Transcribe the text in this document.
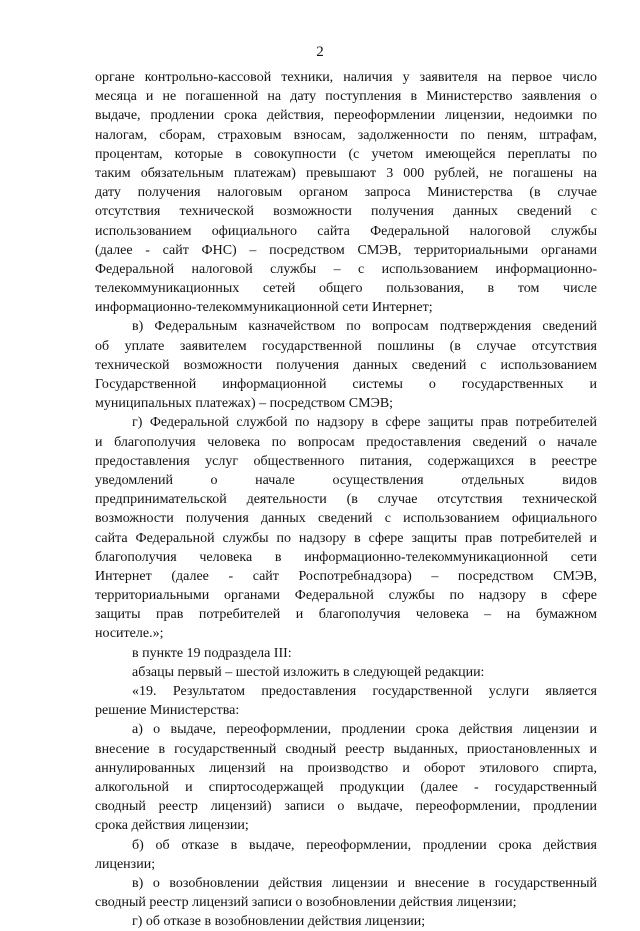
2
органе контрольно-кассовой техники, наличия у заявителя на первое число
месяца и не погашенной на дату поступления в Министерство заявления о
выдаче, продлении срока действия, переоформлении лицензии, недоимки по
налогам, сборам, страховым взносам, задолженности по пеням, штрафам,
процентам, которые в совокупности (с учетом имеющейся переплаты по
таким обязательным платежам) превышают 3 000 рублей, не погашены на
дату получения налоговым органом запроса Министерства (в случае
отсутствия технической возможности получения данных сведений с
использованием официального сайта Федеральной налоговой службы
(далее - сайт ФНС) – посредством СМЭВ, территориальными органами
Федеральной налоговой службы – с использованием информационно-
телекоммуникационных сетей общего пользования, в том числе
информационно-телекоммуникационной сети Интернет;
в) Федеральным казначейством по вопросам подтверждения сведений
об уплате заявителем государственной пошлины (в случае отсутствия
технической возможности получения данных сведений с использованием
Государственной информационной системы о государственных и
муниципальных платежах) – посредством СМЭВ;
г) Федеральной службой по надзору в сфере защиты прав потребителей
и благополучия человека по вопросам предоставления сведений о начале
предоставления услуг общественного питания, содержащихся в реестре
уведомлений о начале осуществления отдельных видов
предпринимательской деятельности (в случае отсутствия технической
возможности получения данных сведений с использованием официального
сайта Федеральной службы по надзору в сфере защиты прав потребителей и
благополучия человека в информационно-телекоммуникационной сети
Интернет (далее - сайт Роспотребнадзора) – посредством СМЭВ,
территориальными органами Федеральной службы по надзору в сфере
защиты прав потребителей и благополучия человека – на бумажном
носителе.»;
в пункте 19 подраздела III:
абзацы первый – шестой изложить в следующей редакции:
«19. Результатом предоставления государственной услуги является
решение Министерства:
а) о выдаче, переоформлении, продлении срока действия лицензии и
внесение в государственный сводный реестр выданных, приостановленных и
аннулированных лицензий на производство и оборот этилового спирта,
алкогольной и спиртосодержащей продукции (далее - государственный
сводный реестр лицензий) записи о выдаче, переоформлении, продлении
срока действия лицензии;
б) об отказе в выдаче, переоформлении, продлении срока действия
лицензии;
в) о возобновлении действия лицензии и внесение в государственный
сводный реестр лицензий записи о возобновлении действия лицензии;
г) об отказе в возобновлении действия лицензии;
